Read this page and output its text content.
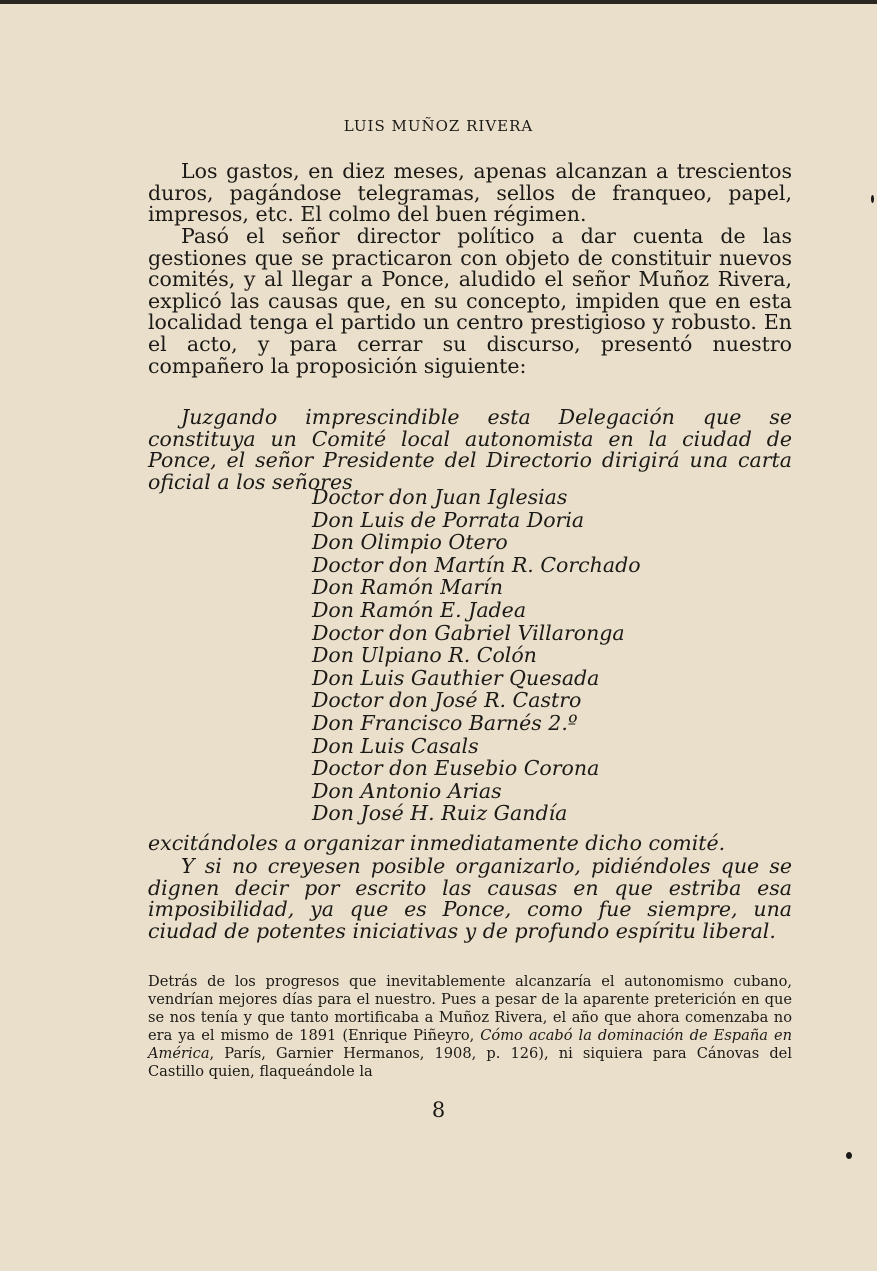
LUIS MUÑOZ RIVERA

Los gastos, en diez meses, apenas alcanzan a trescientos duros, pagándose telegramas, sellos de franqueo, papel, impresos, etc. El colmo del buen régimen.

Pasó el señor director político a dar cuenta de las gestiones que se practicaron con objeto de constituir nuevos comités, y al llegar a Ponce, aludido el señor Muñoz Rivera, explicó las causas que, en su concepto, impiden que en esta localidad tenga el partido un centro prestigioso y robusto. En el acto, y para cerrar su discurso, presentó nuestro compañero la proposición siguiente:

Juzgando imprescindible esta Delegación que se constituya un Comité local autonomista en la ciudad de Ponce, el señor Presidente del Directorio dirigirá una carta oficial a los señores

Doctor don Juan Iglesias
Don Luis de Porrata Doria
Don Olimpio Otero
Doctor don Martín R. Corchado
Don Ramón Marín
Don Ramón E. Jadea
Doctor don Gabriel Villaronga
Don Ulpiano R. Colón
Don Luis Gauthier Quesada
Doctor don José R. Castro
Don Francisco Barnés 2.º
Don Luis Casals
Doctor don Eusebio Corona
Don Antonio Arias
Don José H. Ruiz Gandía

excitándoles a organizar inmediatamente dicho comité.

Y si no creyesen posible organizarlo, pidiéndoles que se dignen decir por escrito las causas en que estriba esa imposibilidad, ya que es Ponce, como fue siempre, una ciudad de potentes iniciativas y de profundo espíritu liberal.

Detrás de los progresos que inevitablemente alcanzaría el autonomismo cubano, vendrían mejores días para el nuestro. Pues a pesar de la aparente preterición en que se nos tenía y que tanto mortificaba a Muñoz Rivera, el año que ahora comenzaba no era ya el mismo de 1891 (Enrique Piñeyro, Cómo acabó la dominación de España en América, París, Garnier Hermanos, 1908, p. 126), ni siquiera para Cánovas del Castillo quien, flaqueándole la

8
